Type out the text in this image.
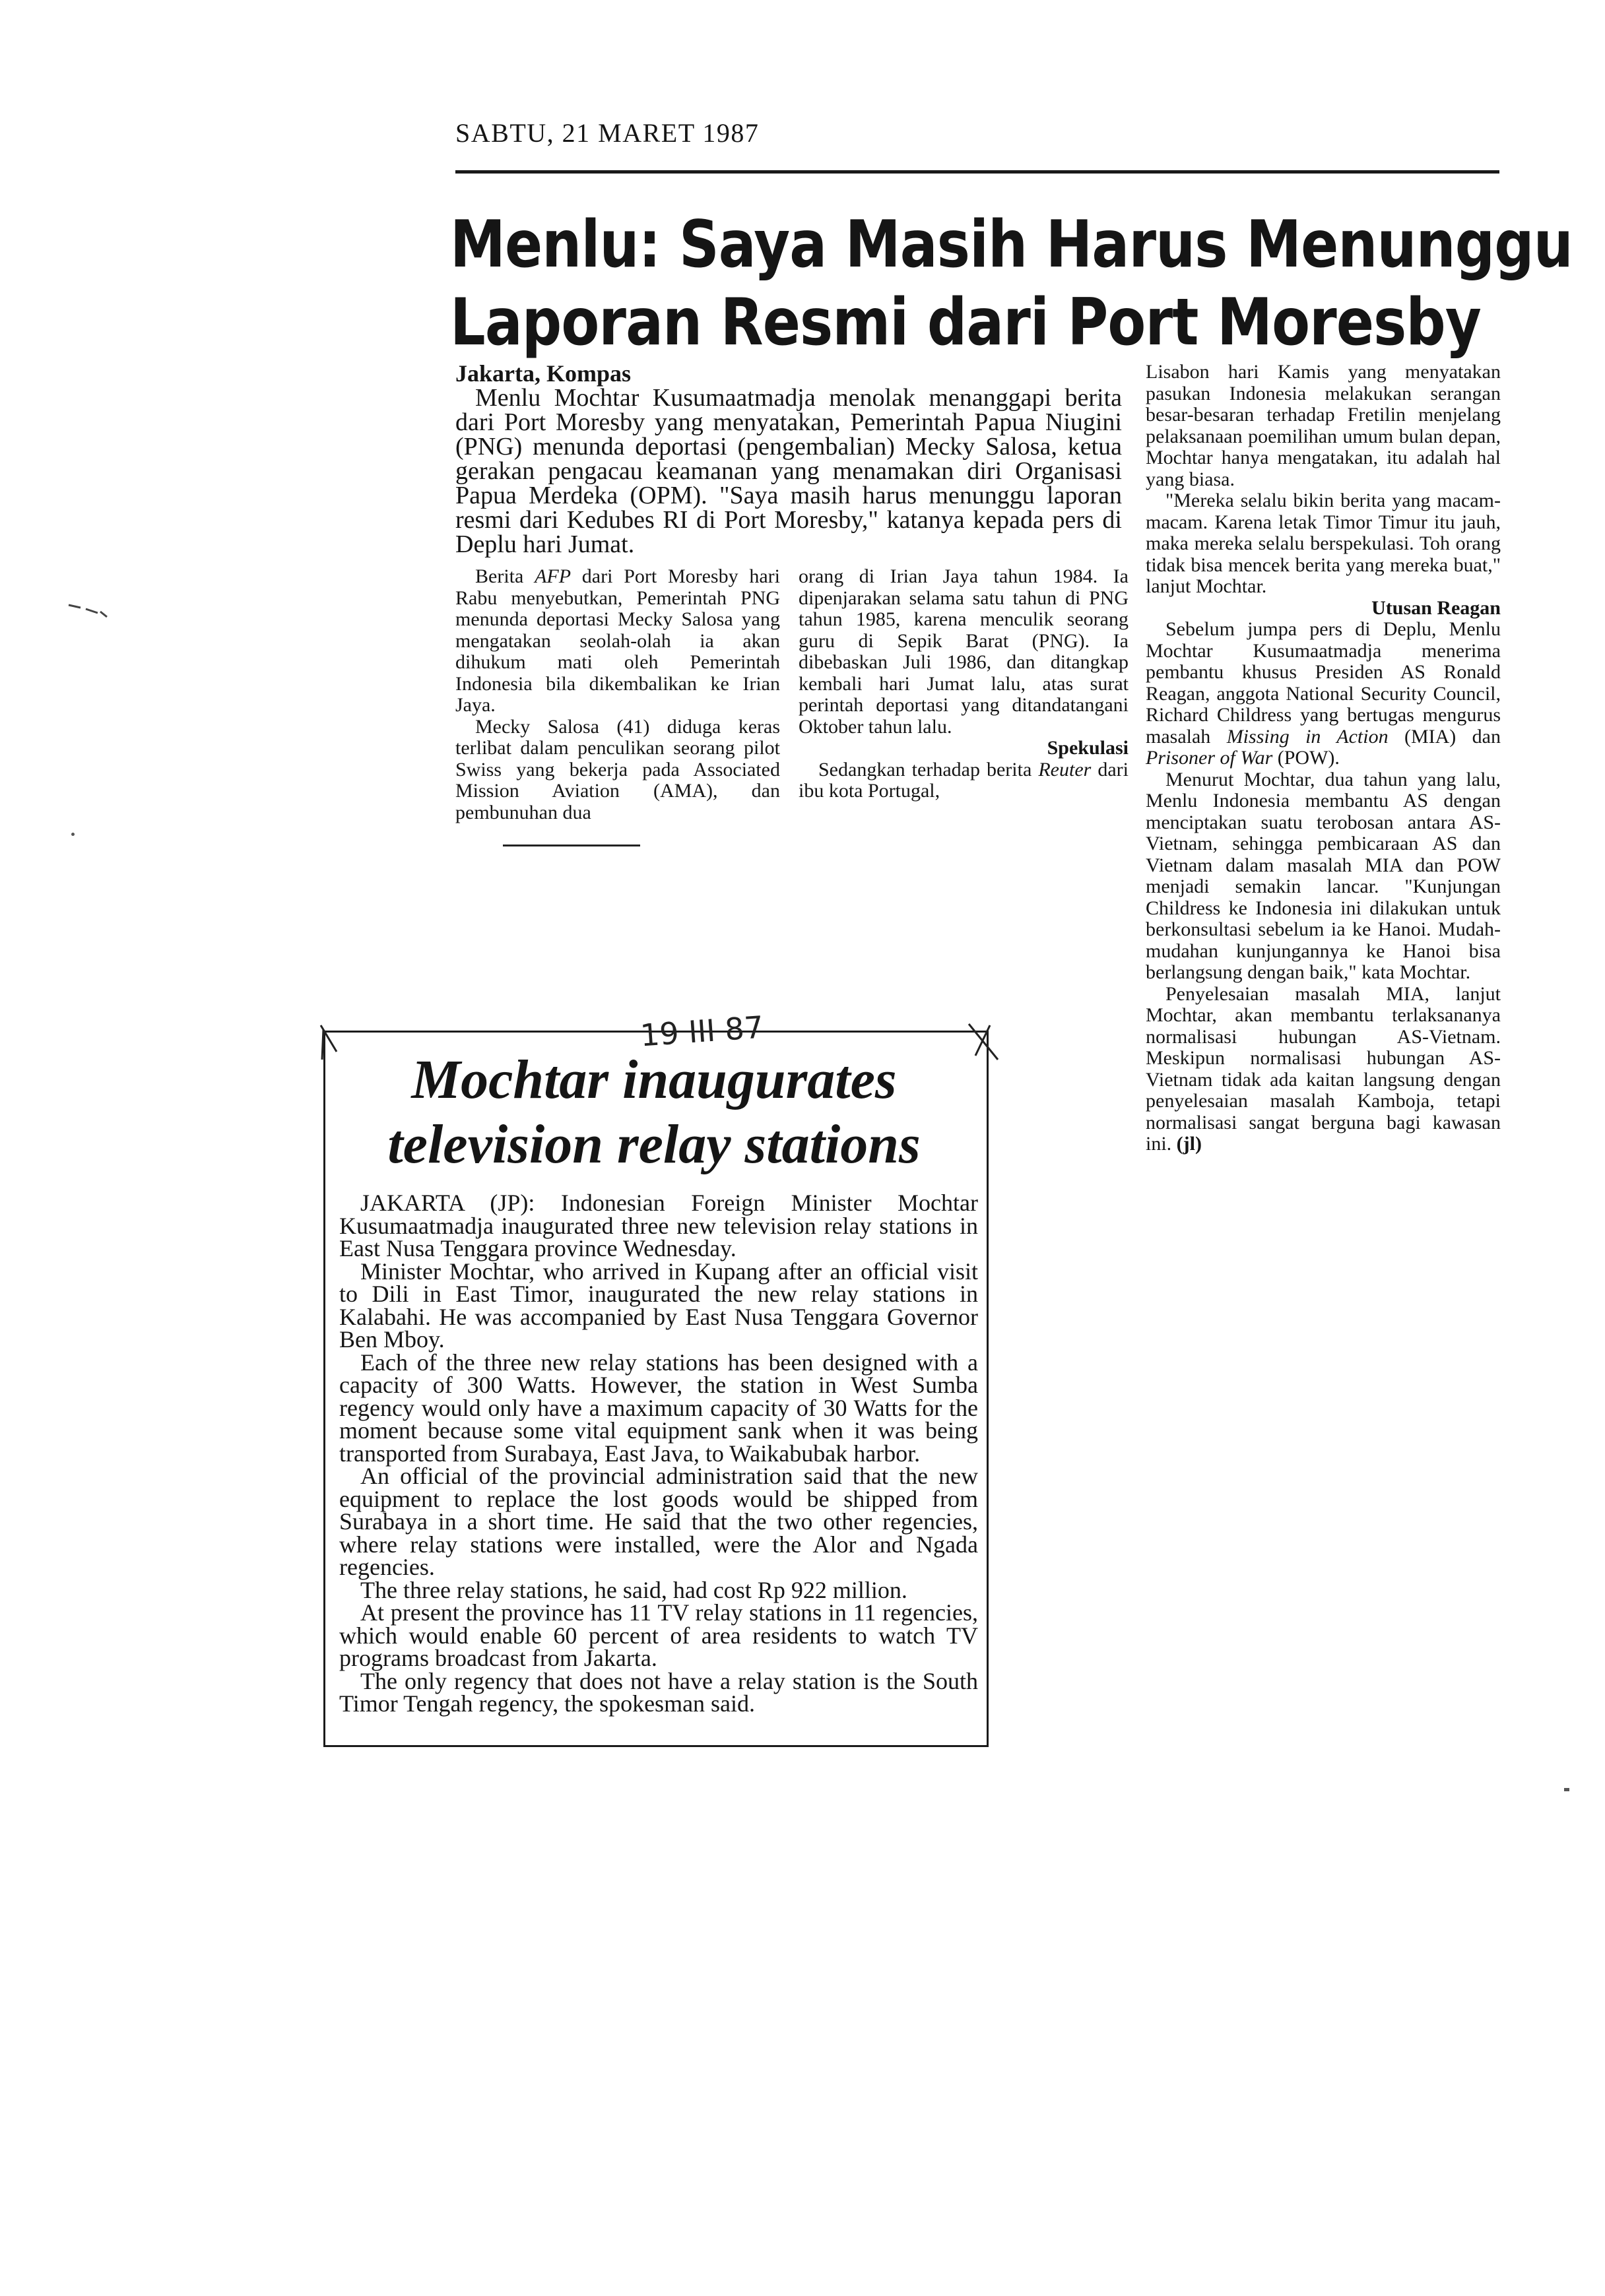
SABTU, 21 MARET 1987
Menlu: Saya Masih Harus Menunggu
Laporan Resmi dari Port Moresby
Jakarta, Kompas

Menlu Mochtar Kusumaatmadja menolak menanggapi berita dari Port Moresby yang menyatakan, Pemerintah Papua Niugini (PNG) menunda deportasi (pengembalian) Mecky Salosa, ketua gerakan pengacau keamanan yang menamakan diri Organisasi Papua Merdeka (OPM). "Saya masih harus menunggu laporan resmi dari Kedubes RI di Port Moresby," katanya kepada pers di Deplu hari Jumat.

Berita AFP dari Port Moresby hari Rabu menyebutkan, Pemerintah PNG menunda deportasi Mecky Salosa yang mengatakan seolah-olah ia akan dihukum mati oleh Pemerintah Indonesia bila dikembalikan ke Irian Jaya.

Mecky Salosa (41) diduga keras terlibat dalam penculikan seorang pilot Swiss yang bekerja pada Associated Mission Aviation (AMA), dan pembunuhan dua

orang di Irian Jaya tahun 1984. Ia dipenjarakan selama satu tahun di PNG tahun 1985, karena menculik seorang guru di Sepik Barat (PNG). Ia dibebaskan Juli 1986, dan ditangkap kembali hari Jumat lalu, atas surat perintah deportasi yang ditandatangani Oktober tahun lalu.

Spekulasi

Sedangkan terhadap berita Reuter dari ibu kota Portugal,

Lisabon hari Kamis yang menyatakan pasukan Indonesia melakukan serangan besar-besaran terhadap Fretilin menjelang pelaksanaan poemilihan umum bulan depan, Mochtar hanya mengatakan, itu adalah hal yang biasa.

"Mereka selalu bikin berita yang macam-macam. Karena letak Timor Timur itu jauh, maka mereka selalu berspekulasi. Toh orang tidak bisa mencek berita yang mereka buat," lanjut Mochtar.

Utusan Reagan

Sebelum jumpa pers di Deplu, Menlu Mochtar Kusumaatmadja menerima pembantu khusus Presiden AS Ronald Reagan, anggota National Security Council, Richard Childress yang bertugas mengurus masalah Missing in Action (MIA) dan Prisoner of War (POW).

Menurut Mochtar, dua tahun yang lalu, Menlu Indonesia membantu AS dengan menciptakan suatu terobosan antara AS-Vietnam, sehingga pembicaraan AS dan Vietnam dalam masalah MIA dan POW menjadi semakin lancar. "Kunjungan Childress ke Indonesia ini dilakukan untuk berkonsultasi sebelum ia ke Hanoi. Mudah-mudahan kunjungannya ke Hanoi bisa berlangsung dengan baik," kata Mochtar.

Penyelesaian masalah MIA, lanjut Mochtar, akan membantu terlaksananya normalisasi hubungan AS-Vietnam. Meskipun normalisasi hubungan AS-Vietnam tidak ada kaitan langsung dengan penyelesaian masalah Kamboja, tetapi normalisasi sangat berguna bagi kawasan ini. (jl)

19 III 87
Mochtar inaugurates
television relay stations

JAKARTA (JP): Indonesian Foreign Minister Mochtar Kusumaatmadja inaugurated three new television relay stations in East Nusa Tenggara province Wednesday.

Minister Mochtar, who arrived in Kupang after an official visit to Dili in East Timor, inaugurated the new relay stations in Kalabahi. He was accompanied by East Nusa Tenggara Governor Ben Mboy.

Each of the three new relay stations has been designed with a capacity of 300 Watts. However, the station in West Sumba regency would only have a maximum capacity of 30 Watts for the moment because some vital equipment sank when it was being transported from Surabaya, East Java, to Waikabubak harbor.

An official of the provincial administration said that the new equipment to replace the lost goods would be shipped from Surabaya in a short time. He said that the two other regencies, where relay stations were installed, were the Alor and Ngada regencies.

The three relay stations, he said, had cost Rp 922 million.

At present the province has 11 TV relay stations in 11 regencies, which would enable 60 percent of area residents to watch TV programs broadcast from Jakarta.

The only regency that does not have a relay station is the South Timor Tengah regency, the spokesman said.
